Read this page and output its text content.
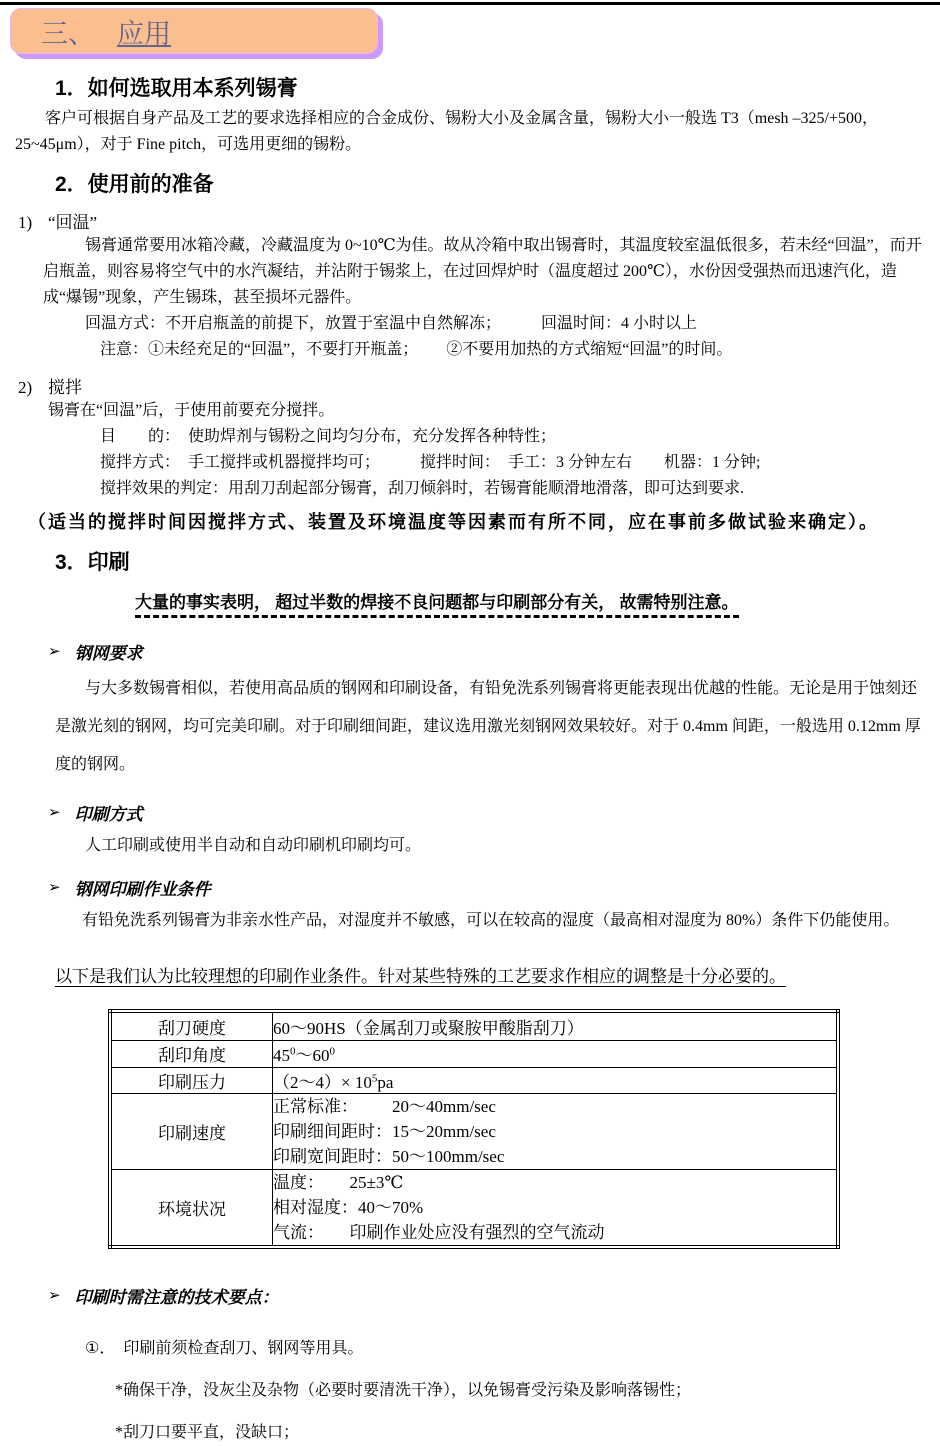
三、 应用
1．如何选取用本系列锡膏
客户可根据自身产品及工艺的要求选择相应的合金成份、锡粉大小及金属含量，锡粉大小一般选 T3（mesh –325/+500，25~45μm），对于 Fine pitch，可选用更细的锡粉。
2．使用前的准备
1) “回温”
锡膏通常要用冰箱冷藏，冷藏温度为 0~10℃为佳。故从冷箱中取出锡膏时，其温度较室温低很多，若未经“回温”，而开启瓶盖，则容易将空气中的水汽凝结，并沾附于锡浆上，在过回焊炉时（温度超过 200℃），水份因受强热而迅速汽化，造成“爆锡”现象，产生锡珠，甚至损坏元器件。
回温方式：不开启瓶盖的前提下，放置于室温中自然解冻；          回温时间：4 小时以上
注意：①未经充足的“回温”，不要打开瓶盖；       ②不要用加热的方式缩短“回温”的时间。
2) 搅拌
锡膏在“回温”后，于使用前要充分搅拌。
目　　的：  使助焊剂与锡粉之间均匀分布，充分发挥各种特性；
搅拌方式：  手工搅拌或机器搅拌均可；          搅拌时间：  手工：3 分钟左右        机器：1 分钟;
搅拌效果的判定：用刮刀刮起部分锡膏，刮刀倾斜时，若锡膏能顺滑地滑落，即可达到要求.
（适当的搅拌时间因搅拌方式、装置及环境温度等因素而有所不同，应在事前多做试验来确定）。
3．印刷
大量的事实表明， 超过半数的焊接不良问题都与印刷部分有关， 故需特别注意。
➢ 钢网要求
与大多数锡膏相似，若使用高品质的钢网和印刷设备，有铅免洗系列锡膏将更能表现出优越的性能。无论是用于蚀刻还是激光刻的钢网，均可完美印刷。对于印刷细间距，建议选用激光刻钢网效果较好。对于 0.4mm 间距，一般选用 0.12mm 厚度的钢网。
➢ 印刷方式
人工印刷或使用半自动和自动印刷机印刷均可。
➢ 钢网印刷作业条件
有铅免洗系列锡膏为非亲水性产品，对湿度并不敏感，可以在较高的湿度（最高相对湿度为 80%）条件下仍能使用。
以下是我们认为比较理想的印刷作业条件。针对某些特殊的工艺要求作相应的调整是十分必要的。
刮刀硬度	60～90HS（金属刮刀或聚胺甲酸脂刮刀）
刮印角度	$45^0\sim 60^0$
印刷压力	（2～4）× $10^5pa$
印刷速度	正常标准：        20～40mm/sec
印刷细间距时：15～20mm/sec
印刷宽间距时：50～100mm/sec

环境状况	温度：      25±3℃
相对湿度：40～70%
气流：      印刷作业处应没有强烈的空气流动
➢ 印刷时需注意的技术要点：
①． 印刷前须检查刮刀、钢网等用具。
*确保干净，没灰尘及杂物（必要时要清洗干净），以免锡膏受污染及影响落锡性；
*刮刀口要平直，没缺口；
